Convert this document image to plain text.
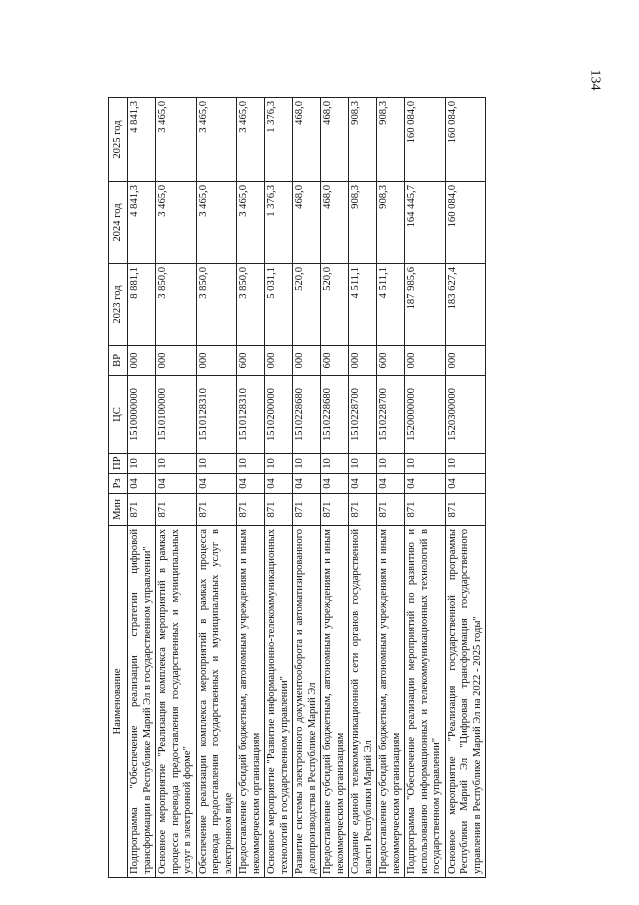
134
Наименование	Мин	Рз	ПР	ЦС	ВР	2023 год	2024 год	2025 год
Подпрограмма "Обеспечение реализации стратегии цифровой трансформации в Республике Марий Эл в государственном управлении"	871	04	10	1510000000	000	8 881,1	4 841,3	4 841,3
Основное мероприятие "Реализация комплекса мероприятий в рамках процесса перевода предоставления государственных и муниципальных услуг в электронной форме"	871	04	10	1510100000	000	3 850,0	3 465,0	3 465,0
Обеспечение реализации комплекса мероприятий в рамках процесса перевода предоставления государственных и муниципальных услуг в электронном виде	871	04	10	1510128310	000	3 850,0	3 465,0	3 465,0
Предоставление субсидий бюджетным, автономным учреждениям и иным некоммерческим организациям	871	04	10	1510128310	600	3 850,0	3 465,0	3 465,0
Основное мероприятие "Развитие информационно-телекоммуникационных технологий в государственном управлении"	871	04	10	1510200000	000	5 031,1	1 376,3	1 376,3
Развитие системы электронного документооборота и автоматизированного делопроизводства в Республике Марий Эл	871	04	10	1510228680	000	520,0	468,0	468,0
Предоставление субсидий бюджетным, автономным учреждениям и иным некоммерческим организациям	871	04	10	1510228680	600	520,0	468,0	468,0
Создание единой телекоммуникационной сети органов государственной власти Республики Марий Эл	871	04	10	1510228700	000	4 511,1	908,3	908,3
Предоставление субсидий бюджетным, автономным учреждениям и иным некоммерческим организациям	871	04	10	1510228700	600	4 511,1	908,3	908,3
Подпрограмма "Обеспечение реализации мероприятий по развитию и использованию информационных и телекоммуникационных технологий в государственном управлении"	871	04	10	1520000000	000	187 985,6	164 445,7	160 084,0
Основное мероприятие "Реализация государственной программы Республики Марий Эл "Цифровая трансформация государственного управления в Республике Марий Эл на 2022 - 2025 годы"	871	04	10	1520300000	000	183 627,4	160 084,0	160 084,0
